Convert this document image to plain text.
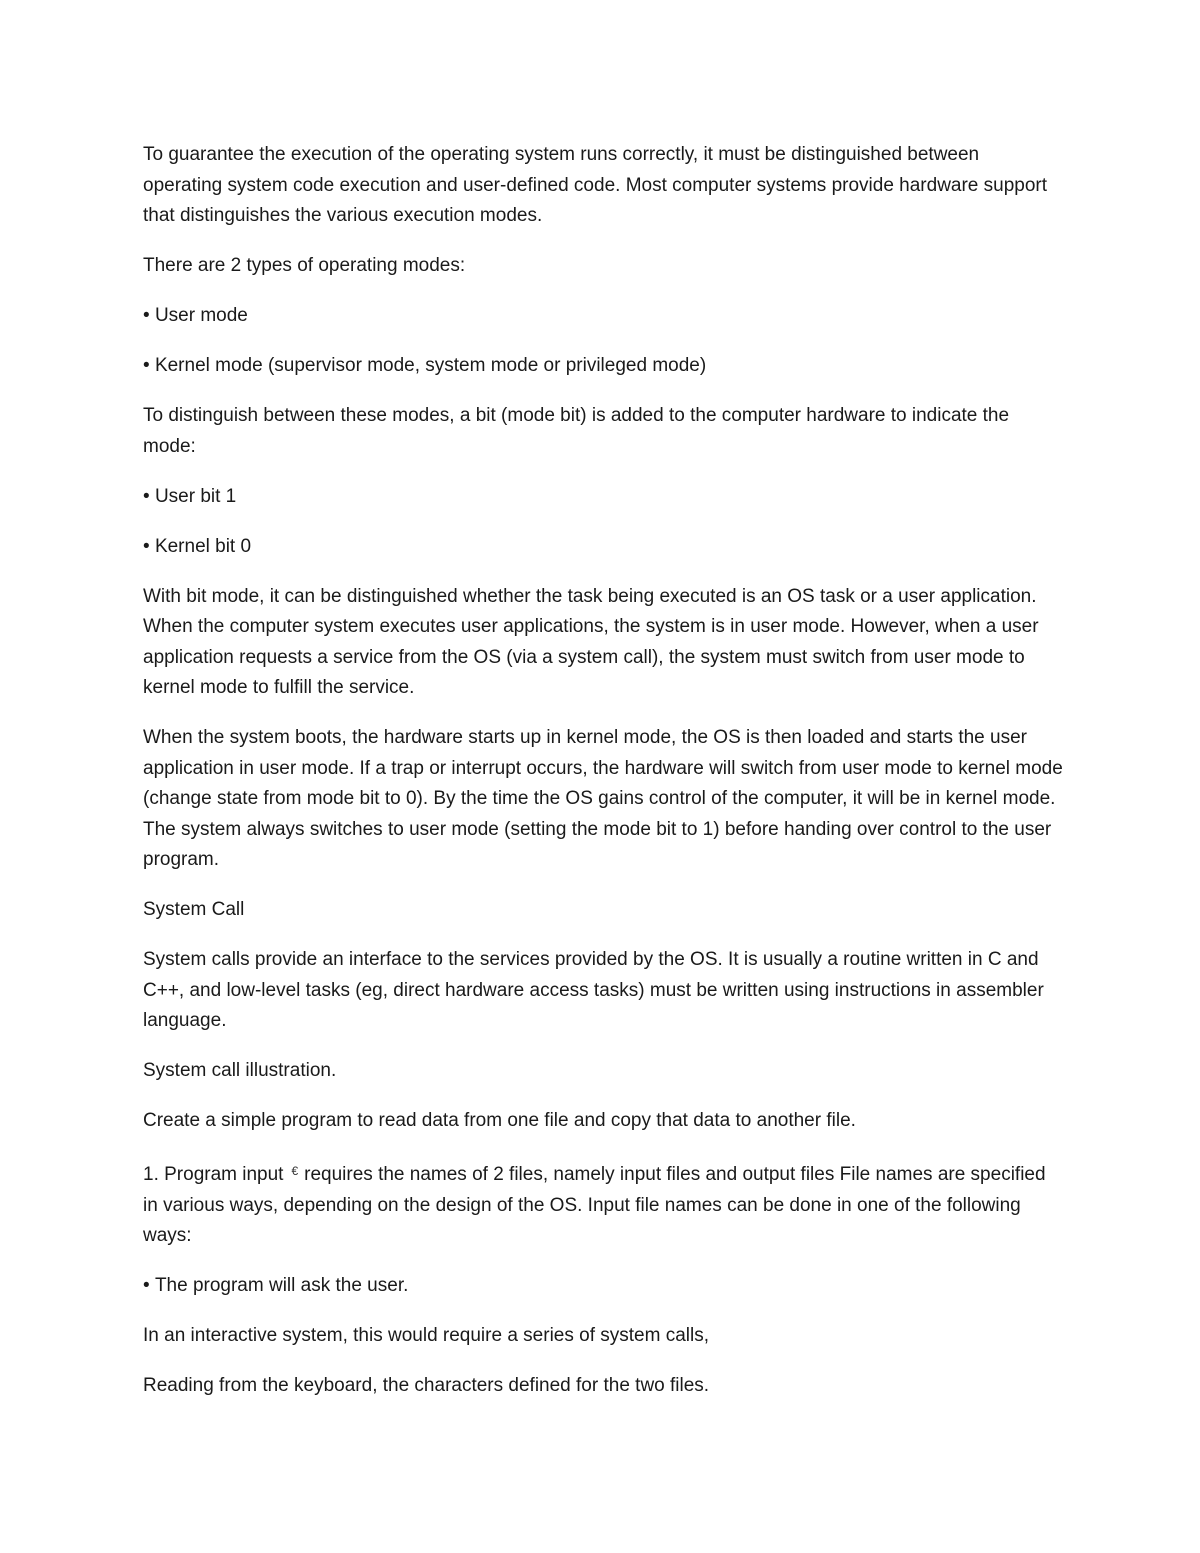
To guarantee the execution of the operating system runs correctly, it must be distinguished between operating system code execution and user-defined code. Most computer systems provide hardware support that distinguishes the various execution modes.

There are 2 types of operating modes:

• User mode

• Kernel mode (supervisor mode, system mode or privileged mode)

To distinguish between these modes, a bit (mode bit) is added to the computer hardware to indicate the mode:

• User bit 1

• Kernel bit 0

With bit mode, it can be distinguished whether the task being executed is an OS task or a user application. When the computer system executes user applications, the system is in user mode. However, when a user application requests a service from the OS (via a system call), the system must switch from user mode to kernel mode to fulfill the service.

When the system boots, the hardware starts up in kernel mode, the OS is then loaded and starts the user application in user mode. If a trap or interrupt occurs, the hardware will switch from user mode to kernel mode (change state from mode bit to 0). By the time the OS gains control of the computer, it will be in kernel mode. The system always switches to user mode (setting the mode bit to 1) before handing over control to the user program.

System Call

System calls provide an interface to the services provided by the OS. It is usually a routine written in C and C++, and low-level tasks (eg, direct hardware access tasks) must be written using instructions in assembler language.

System call illustration.

Create a simple program to read data from one file and copy that data to another file.

1. Program input € requires the names of 2 files, namely input files and output files File names are specified in various ways, depending on the design of the OS. Input file names can be done in one of the following ways:

• The program will ask the user.

In an interactive system, this would require a series of system calls,

Reading from the keyboard, the characters defined for the two files.
